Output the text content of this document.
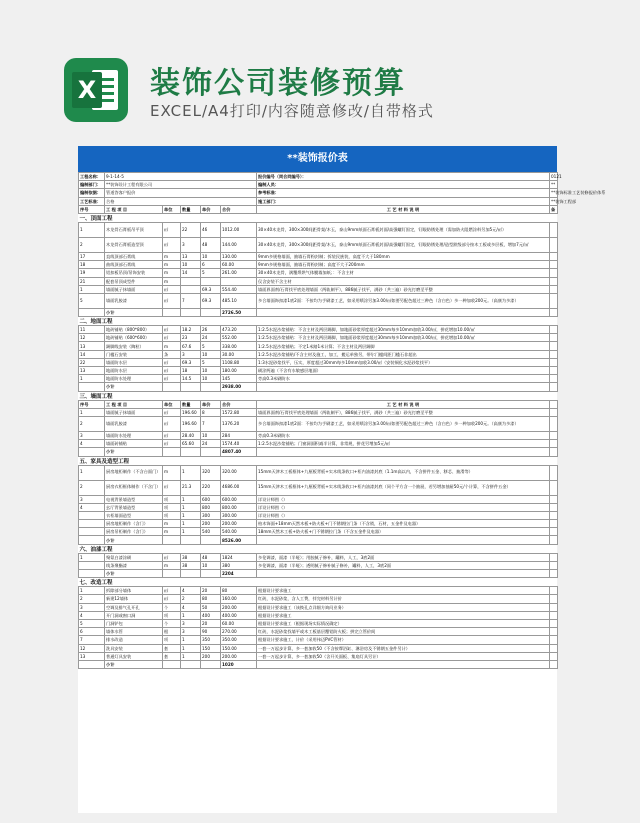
X 装饰公司装修预算
EXCEL/A4打印/内容随意修改/自带格式
**装饰报价表
工程名称：	9-1-14-5					报价编号（同合同编号）：	0121
编制部门：	**装饰设计工程有限公司					编制人员：	**
编制依据：	管道答客户报价					参考标准：	**装饰标准工艺装修报价体系
工艺标准：	合格					施工部门：	**装饰工程部
序号	工 程 项 目	单位	数量	单价	合价	工 艺 材 料 说 明	备
一、顶面工程							
1	木龙骨石膏板吊平顶	㎡	22	46	1012.00	30×40木龙骨，300×300间距骨架/木玉，泰山9mm纸面石膏板封面/高强螺钉固定，钉眼防锈处理（需加防火阻燃涂料另加5元/㎡）	
2	木龙骨石膏板造型顶	㎡	3	48	144.00	30×40木龙骨，300×300间距骨架/木玉，泰山9mm纸面石膏板封面/高强螺钉固定，钉眼防锈处理/造型跌级部分按木工板或多层板，增加7元/㎡	
17	直线顶部石膏线	m	13	10	130.00	9mm多规格墙面，抽墙石膏粉封制；拆装民族装，高度不大于180mm	
18	曲线顶部石膏线	m	10	6	60.00	9mm多规格墙面，抽墙石膏粉封制；高度不大于200mm	
19	铝扣板吊顶/吊饰安装	m	14	5	261.00	30×40木龙骨，满覆焊烘气体膜墙加纸；：不含主材	
21	配套吊顶成型件	m				仅含安装不含主材	
1	墙面腻子抹墙面	㎡		69.3	554.40	墙面界面剂/石膏找平底处理墙面（两轨制平），886腻子找平，满砂（共三遍）砂光打磨至平整	
5	墙面乳胶漆	㎡	7	69.3	485.10	多合墙面饰扣漆1底2面：不按均为手刷漆工艺，如采用喷涂另加3.00/㎡如要另配色超过三种色（含白色）多一种加收200元。（高康为多漆）	
	小计				2726.50		
二、地面工程							
11	地砖铺贴（800*800）	㎡	18.2	26	473.20	1:2.5水泥沙浆铺贴：不含主材及两层踢脚，如地面砂浆厚度超过30mm每多10mm加收3.00/㎡，拼花增加10.00/㎡	
12	地砖铺贴（600*600）	㎡	23	24	552.00	1:2.5水泥沙浆铺贴：不含主材及两层踢脚，如地面砂浆厚度超过30mm每多10mm加收3.00/㎡，拼花增加10.00/㎡	
13	踢脚线安装（陶粒）	m	67.6	5	338.00	1:2.5水泥沙浆铺贴；不定1米踏1米计算；不含主材及两层踢脚	
14	门槛石安装	条	3	10	30.00	1:2.5水泥沙浆铺贴/不含主材及施工，加工，搬运单独另，带尔门槛间距门槛石非超出	
22	墙面防水层	㎡	69.3	5	1108.80	1:3水泥砂浆找平，压实，厚度超过30mm每多10mm加收3.00/㎡（安装铜化水泥砂浆找平）	
13	地面防水层	㎡	18	10	180.00	刷涂两遍（不含有水敏感层地面）	
1	地面防水处理	㎡	14.5	10	145	旁高0.3米刷防水	
	小计				2938.00		
三、墙面工程							
序号	工 程 项 目	单位	数量	单价	合价	工 艺 材 料 说 明	
1	墙面腻子抹墙面	㎡	196.60	8	1572.80	墙面界面剂/石膏找平底处理墙面（两轨制平），886腻子找平，满砂（共三遍）砂光打磨至平整	
2	墙面乳胶漆	㎡	196.60	7	1376.20	多合墙面饰扣漆1底2面：不按均为手刷漆工艺，如采用喷涂另加3.00/㎡如要另配色超过三种色（含白色）多一种加收200元。（高康为多漆）	
3	墙面防水处理	㎡	28.40	10	284	旁高0.3米刷防水	
4	墙面砖铺贴	㎡	65.60	24	1574.40	1:2.5水泥沙浆铺贴；门窗洞面积减半计算，非常规，拼花另增加5元/㎡	
	小计				4807.40		
五、家具及造型工程							
1	厨房地柜制作（不含台面门）	m	1	320	320.00	15mm天津木工板框体+九厘板背板+实木线条收口+柜内油漆封底（1.1m高以内，不含拼件五金、移芯、抽滑等）	
2	厨房衣柜框体制作（不含门）	㎡	21.3	220	4686.00	15mm天津木工板框体+九厘板背板+实木线条收口+柜内油漆封底（同个平方含一个抽屉，若另增加抽屉50元/个计算，不含拼件五金）	
3	电视背景墙造型	项	1	600	600.00	详设计师图（）	
4	玄厅背景墙造型	项	1	800	800.00	详设计师图（）	
	衣柜墙面造型	项	1	300	300.00	详设计师图（）	
	厨房地柜制作（含门）	m	1	200	200.00	柏木饰面+18mm天然木板+防火板+门不锈钢拉门条（不含锁，石材，五金件及电器）	
	厨房吊柜制作（含门）	m	1	540	540.00	18mm天然木工板+防火板+门不锈钢拉门条（不含五金件及电器）	
	小计				8526.00		
六、油漆工程							
1	聚氨白漆涂刷	㎡	38	48	1824	多伦调漆，面漆（半哑）；用胶腻子修补，罐料，人工，3底2面	
	线条聚酯漆	m	38	10	380	多伦调漆，面漆（半哑）；透明腻子修补腻子修补，罐料，人工，3底2面	
	小计				2204		
七、改造工程							
1	拆除部分墙体	㎡	4	20	80	根据设计要求施工	
2	新建12墙体	㎡	2	80	160.00	红砖，水泥砂浆，含人工费，拌完材料另计价	
3	空调及排气孔开孔	个	4	50	200.00	根据设计要求施工（该换孔点详细方询问业务）	
4	开门洞或窗口洞	项	1	400	400.00	根据设计要求施工	
5	门洞铲包	个	3	20	60.00	根据设计要求施工（根据现场实际情况确定）	
6	墙体水管	根	3	90	270.00	红砖，水泥砂浆找墙平或木工板基层覆铝防火板；拼完立管价间	
7	排水改造	项	1	350	350.00	根据设计要求施工，计价（采用伟迈PVC管材）	
12	洗具安装	套	1	150	150.00	一套一万起步计算，多一套加收50（不含按摩浴缸、淋浴房及不锈钢五金件另计）	
13	普通灯具安装	套	1	200	200.00	一套一万起步计算，多一套加收50（含开关面板、集扇灯具另计）	
	小计				1020		
